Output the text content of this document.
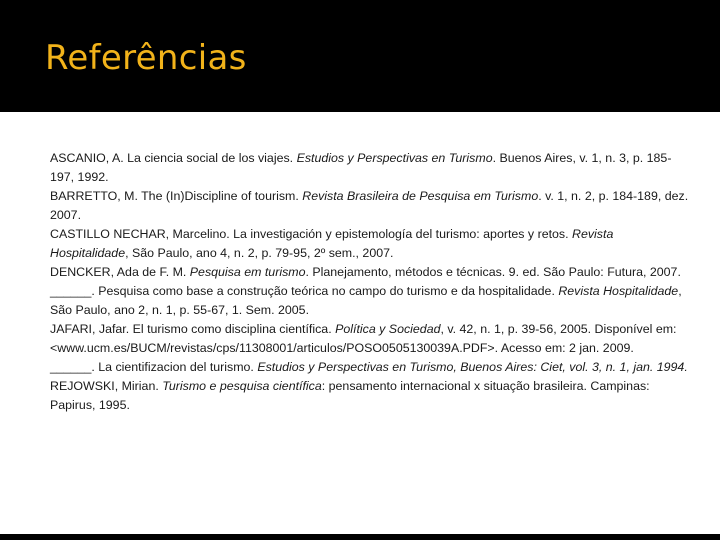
Referências

ASCANIO, A. La ciencia social de los viajes. Estudios y Perspectivas en Turismo. Buenos Aires, v. 1, n. 3, p. 185-197, 1992.

BARRETTO, M. The (In)Discipline of tourism. Revista Brasileira de Pesquisa em Turismo. v. 1, n. 2, p. 184-189, dez. 2007.

CASTILLO NECHAR, Marcelino. La investigación y epistemología del turismo: aportes y retos. Revista Hospitalidade, São Paulo, ano 4, n. 2, p. 79-95, 2º sem., 2007.

DENCKER, Ada de F. M. Pesquisa em turismo. Planejamento, métodos e técnicas. 9. ed. São Paulo: Futura, 2007.

______. Pesquisa como base a construção teórica no campo do turismo e da hospitalidade. Revista Hospitalidade, São Paulo, ano 2, n. 1, p. 55-67, 1. Sem. 2005.

JAFARI, Jafar. El turismo como disciplina científica. Política y Sociedad, v. 42, n. 1, p. 39-56, 2005. Disponível em: <www.ucm.es/BUCM/revistas/cps/11308001/articulos/POSO0505130039A.PDF>. Acesso em: 2 jan. 2009.

______. La cientifizacion del turismo. Estudios y Perspectivas en Turismo, Buenos Aires: Ciet, vol. 3, n. 1, jan. 1994.

REJOWSKI, Mirian. Turismo e pesquisa científica: pensamento internacional x situação brasileira. Campinas: Papirus, 1995.
